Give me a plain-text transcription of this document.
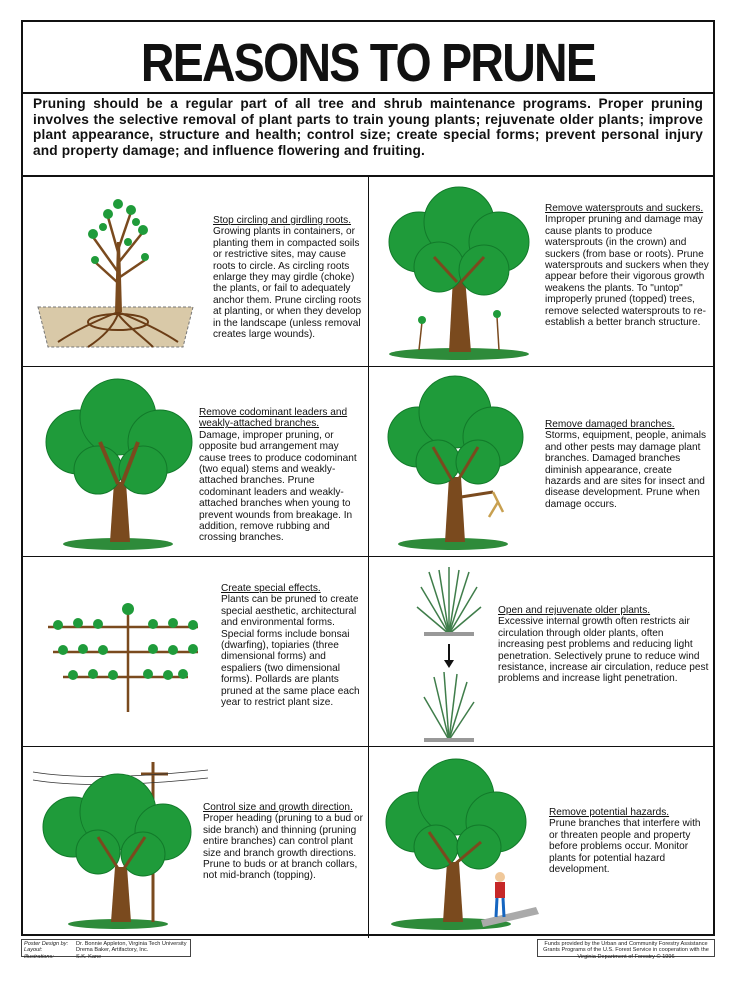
REASONS TO PRUNE
Pruning should be a regular part of all tree and shrub maintenance programs. Proper pruning involves the selective removal of plant parts to train young plants; rejuvenate older plants; improve plant appearance, structure and health; control size; create special forms; prevent personal injury and property damage; and influence flowering and fruiting.
Stop circling and girdling roots.
Growing plants in containers, or planting them in compacted soils or restrictive sites, may cause roots to circle. As circling roots enlarge they may girdle (choke) the plants, or fail to adequately anchor them. Prune circling roots at planting, or when they develop in the landscape (unless removal creates large wounds).
Remove watersprouts and suckers.
Improper pruning and damage may cause plants to produce watersprouts (in the crown) and suckers (from base or roots). Prune watersprouts and suckers when they appear before their vigorous growth weakens the plants. To "untop" improperly pruned (topped) trees, remove selected watersprouts to re-establish a better branch structure.
Remove codominant leaders and weakly-attached branches.
Damage, improper pruning, or opposite bud arrangement may cause trees to produce codominant (two equal) stems and weakly-attached branches. Prune codominant leaders and weakly-attached branches when young to prevent wounds from breakage. In addition, remove rubbing and crossing branches.
Remove damaged branches.
Storms, equipment, people, animals and other pests may damage plant branches. Damaged branches diminish appearance, create hazards and are sites for insect and disease development. Prune when damage occurs.
Create special effects.
Plants can be pruned to create special aesthetic, architectural and environmental forms. Special forms include bonsai (dwarfing), topiaries (three dimensional forms) and espaliers (two dimensional forms). Pollards are plants pruned at the same place each year to restrict plant size.
Open and rejuvenate older plants.
Excessive internal growth often restricts air circulation through older plants, often increasing pest problems and reducing light penetration. Selectively prune to reduce wind resistance, increase air circulation, reduce pest problems and increase light penetration.
Control size and growth direction.
Proper heading (pruning to a bud or side branch) and thinning (pruning entire branches) can control plant size and branch growth directions. Prune to buds or at branch collars, not mid-branch (topping).
Remove potential hazards.
Prune branches that interfere with or threaten people and property before problems occur. Monitor plants for potential hazard development.
Poster Design by:	Dr. Bonnie Appleton, Virginia Tech University
Layout:	Drema Baker, Artifactory, Inc.
Illustrations:	S.K. Kane
Funds provided by the Urban and Community Forestry Assistance Grants Programs of the U.S. Forest Service in cooperation with the Virginia Department of Forestry © 1996
